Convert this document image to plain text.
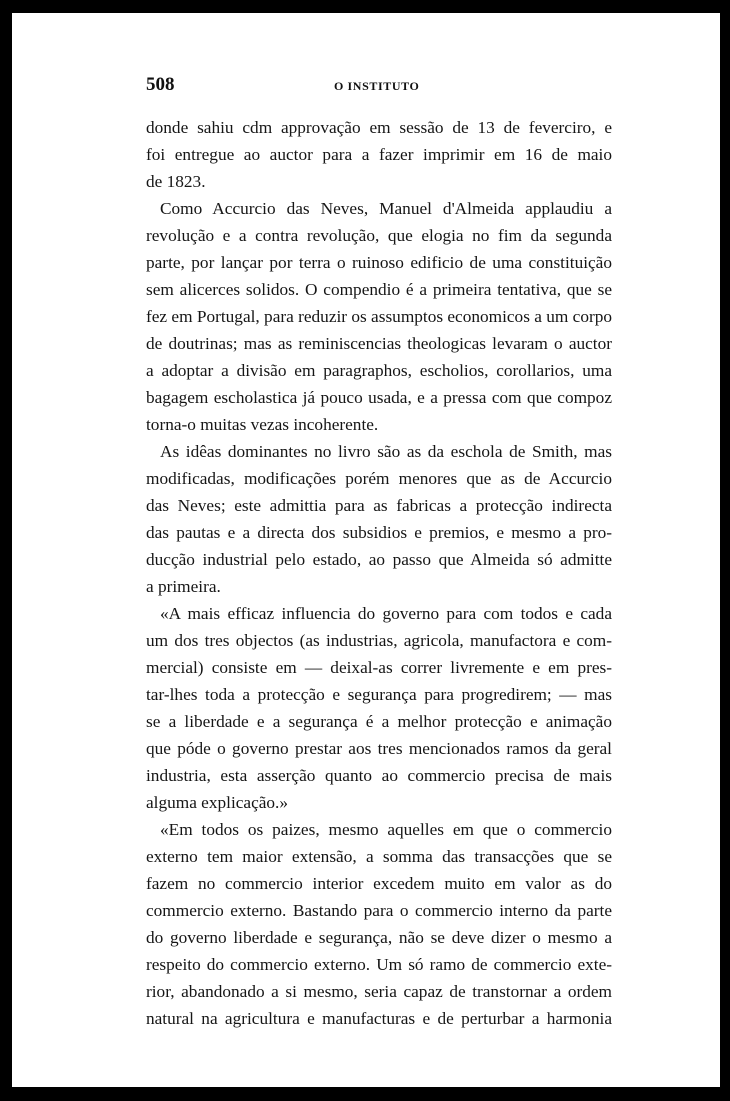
508	O INSTITUTO
donde sahiu cdm approvação em sessão de 13 de feverciro, e
foi entregue ao auctor para a fazer imprimir em 16 de maio
de 1823.
Como Accurcio das Neves, Manuel d'Almeida applaudiu a
revolução e a contra revolução, que elogia no fim da segunda
parte, por lançar por terra o ruinoso edificio de uma constituição
sem alicerces solidos. O compendio é a primeira tentativa, que se
fez em Portugal, para reduzir os assumptos economicos a um corpo
de doutrinas; mas as reminiscencias theologicas levaram o auctor
a adoptar a divisão em paragraphos, escholios, corollarios, uma
bagagem escholastica já pouco usada, e a pressa com que compoz
torna-o muitas vezas incoherente.
As idêas dominantes no livro são as da eschola de Smith, mas
modificadas, modificações porém menores que as de Accurcio
das Neves; este admittia para as fabricas a protecção indirecta
das pautas e a directa dos subsidios e premios, e mesmo a pro-
ducção industrial pelo estado, ao passo que Almeida só admitte
a primeira.
«A mais efficaz influencia do governo para com todos e cada
um dos tres objectos (as industrias, agricola, manufactora e com-
mercial) consiste em — deixal-as correr livremente e em pres-
tar-lhes toda a protecção e segurança para progredirem; — mas
se a liberdade e a segurança é a melhor protecção e animação
que póde o governo prestar aos tres mencionados ramos da geral
industria, esta asserção quanto ao commercio precisa de mais
alguma explicação.»
«Em todos os paizes, mesmo aquelles em que o commercio
externo tem maior extensão, a somma das transacções que se
fazem no commercio interior excedem muito em valor as do
commercio externo. Bastando para o commercio interno da parte
do governo liberdade e segurança, não se deve dizer o mesmo a
respeito do commercio externo. Um só ramo de commercio exte-
rior, abandonado a si mesmo, seria capaz de transtornar a ordem
natural na agricultura e manufacturas e de perturbar a harmonia
